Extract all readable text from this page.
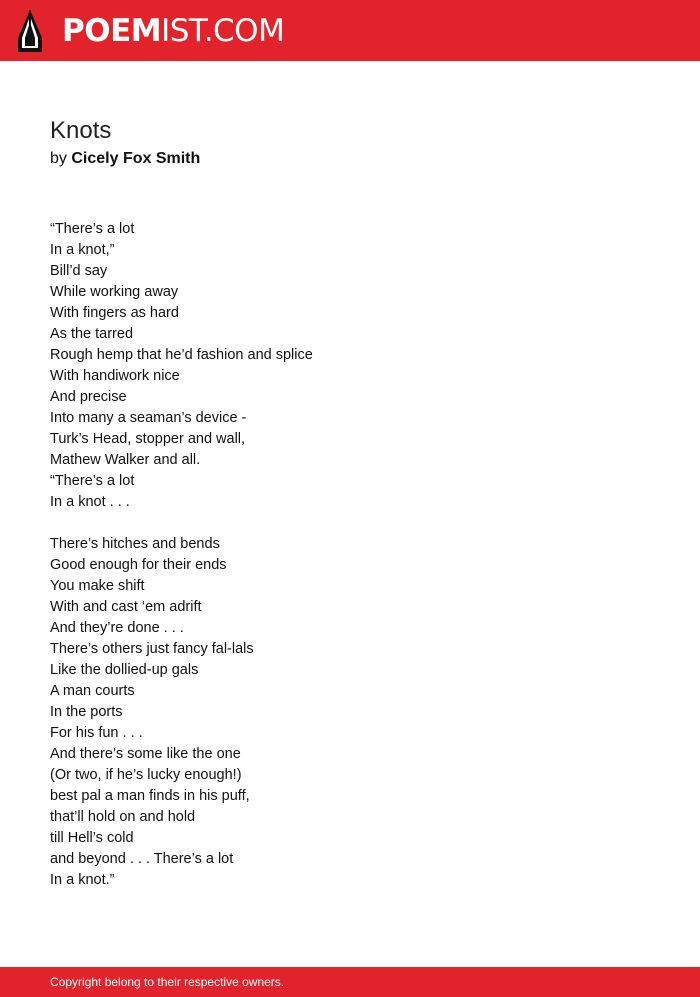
POEMIST.COM
Knots
by Cicely Fox Smith
“There’s a lot
In a knot,”
Bill’d say
While working away
With fingers as hard
As the tarred
Rough hemp that he’d fashion and splice
With handiwork nice
And precise
Into many a seaman’s device -
Turk’s Head, stopper and wall,
Mathew Walker and all.
“There’s a lot
In a knot . . .
There’s hitches and bends
Good enough for their ends
You make shift
With and cast ‘em adrift
And they’re done . . .
There’s others just fancy fal-lals
Like the dollied-up gals
A man courts
In the ports
For his fun . . .
And there’s some like the one
(Or two, if he’s lucky enough!)
best pal a man finds in his puff,
that’ll hold on and hold
till Hell’s cold
and beyond . . . There’s a lot
In a knot.”
Copyright belong to their respective owners.
